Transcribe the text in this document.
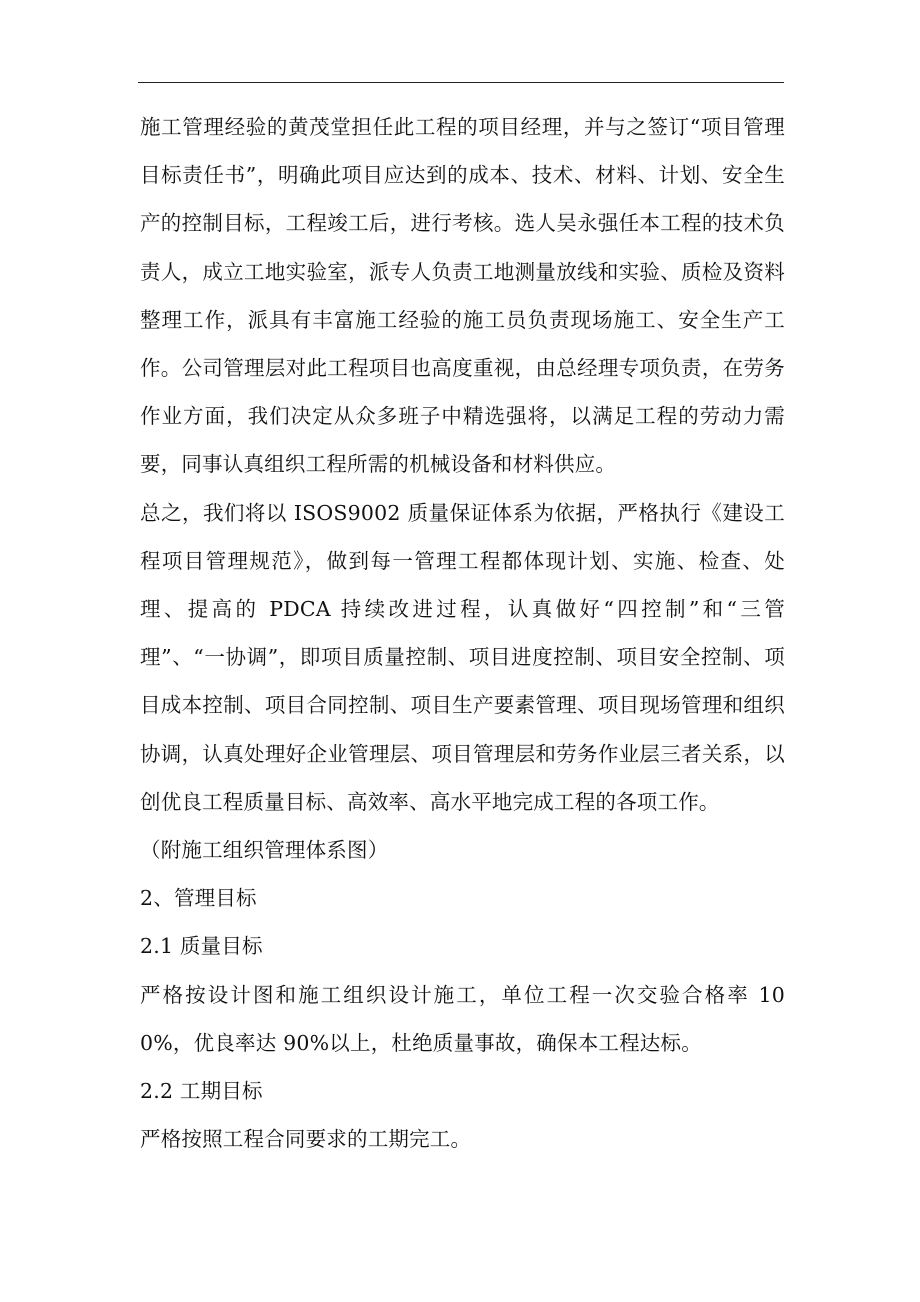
施工管理经验的黄茂堂担任此工程的项目经理，并与之签订“项目管理目标责任书”，明确此项目应达到的成本、技术、材料、计划、安全生产的控制目标，工程竣工后，进行考核。选人吴永强任本工程的技术负责人，成立工地实验室，派专人负责工地测量放线和实验、质检及资料整理工作，派具有丰富施工经验的施工员负责现场施工、安全生产工作。公司管理层对此工程项目也高度重视，由总经理专项负责，在劳务作业方面，我们决定从众多班子中精选强将，以满足工程的劳动力需要，同事认真组织工程所需的机械设备和材料供应。

总之，我们将以 ISOS9002 质量保证体系为依据，严格执行《建设工程项目管理规范》，做到每一管理工程都体现计划、实施、检查、处理、提高的 PDCA 持续改进过程，认真做好“四控制”和“三管理”、“一协调”，即项目质量控制、项目进度控制、项目安全控制、项目成本控制、项目合同控制、项目生产要素管理、项目现场管理和组织协调，认真处理好企业管理层、项目管理层和劳务作业层三者关系，以创优良工程质量目标、高效率、高水平地完成工程的各项工作。

（附施工组织管理体系图）

2、管理目标

2.1 质量目标

严格按设计图和施工组织设计施工，单位工程一次交验合格率 100%，优良率达 90%以上，杜绝质量事故，确保本工程达标。

2.2 工期目标

严格按照工程合同要求的工期完工。
